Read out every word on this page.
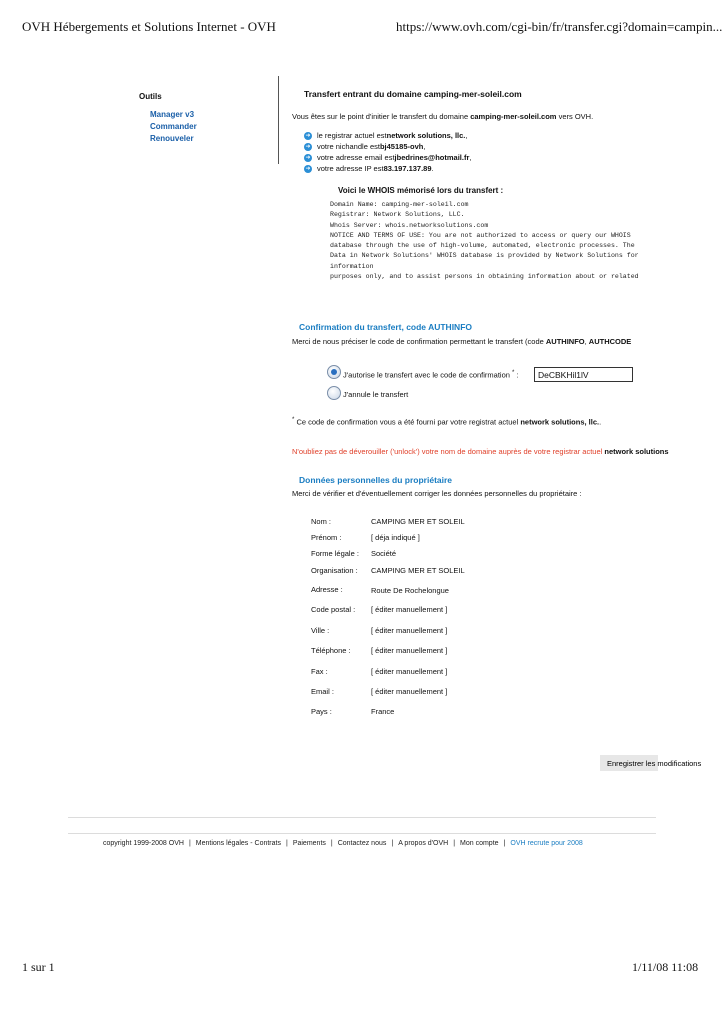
OVH Hébergements et Solutions Internet - OVH	https://www.ovh.com/cgi-bin/fr/transfer.cgi?domain=campin...
Outils
Manager v3
Commander
Renouveler
Transfert entrant du domaine camping-mer-soleil.com
Vous êtes sur le point d'initier le transfert du domaine camping-mer-soleil.com vers OVH.
➜ le registrar actuel est network solutions, llc. ,
➜ votre nichandle est bj45185-ovh ,
➜ votre adresse email est jbedrines@hotmail.fr ,
➜ votre adresse IP est 83.197.137.89 .
Voici le WHOIS mémorisé lors du transfert :
Domain Name: camping-mer-soleil.com
Registrar: Network Solutions, LLC.
Whois Server: whois.networksolutions.com
NOTICE AND TERMS OF USE: You are not authorized to access or query our WHOIS
database through the use of high-volume, automated, electronic processes. The
Data in Network Solutions' WHOIS database is provided by Network Solutions for
information
purposes only, and to assist persons in obtaining information about or related
Confirmation du transfert, code AUTHINFO
Merci de nous préciser le code de confirmation permettant le transfert (code AUTHINFO, AUTHCODE
J'autorise le transfert avec le code de confirmation * :	DeCBKHil1lV
J'annule le transfert
* Ce code de confirmation vous a été fourni par votre registrat actuel network solutions, llc..
N'oubliez pas de déverouiller ('unlock') votre nom de domaine auprès de votre registrar actuel network solutions
Données personnelles du propriétaire
Merci de vérifier et d'éventuellement corriger les données personnelles du propriétaire :
Nom :	CAMPING MER ET SOLEIL
Prénom :	[ déja indiqué ]
Forme légale : Société
Organisation : CAMPING MER ET SOLEIL
Adresse :	Route De Rochelongue
Code postal : [ éditer manuellement ]
Ville :	[ éditer manuellement ]
Téléphone :	[ éditer manuellement ]
Fax :	[ éditer manuellement ]
Email :	[ éditer manuellement ]
Pays :	France
Enregistrer les modifications
copyright 1999-2008 OVH | Mentions légales - Contrats | Paiements | Contactez nous | A propos d'OVH | Mon compte | OVH recrute pour 2008
1 sur 1	1/11/08 11:08
